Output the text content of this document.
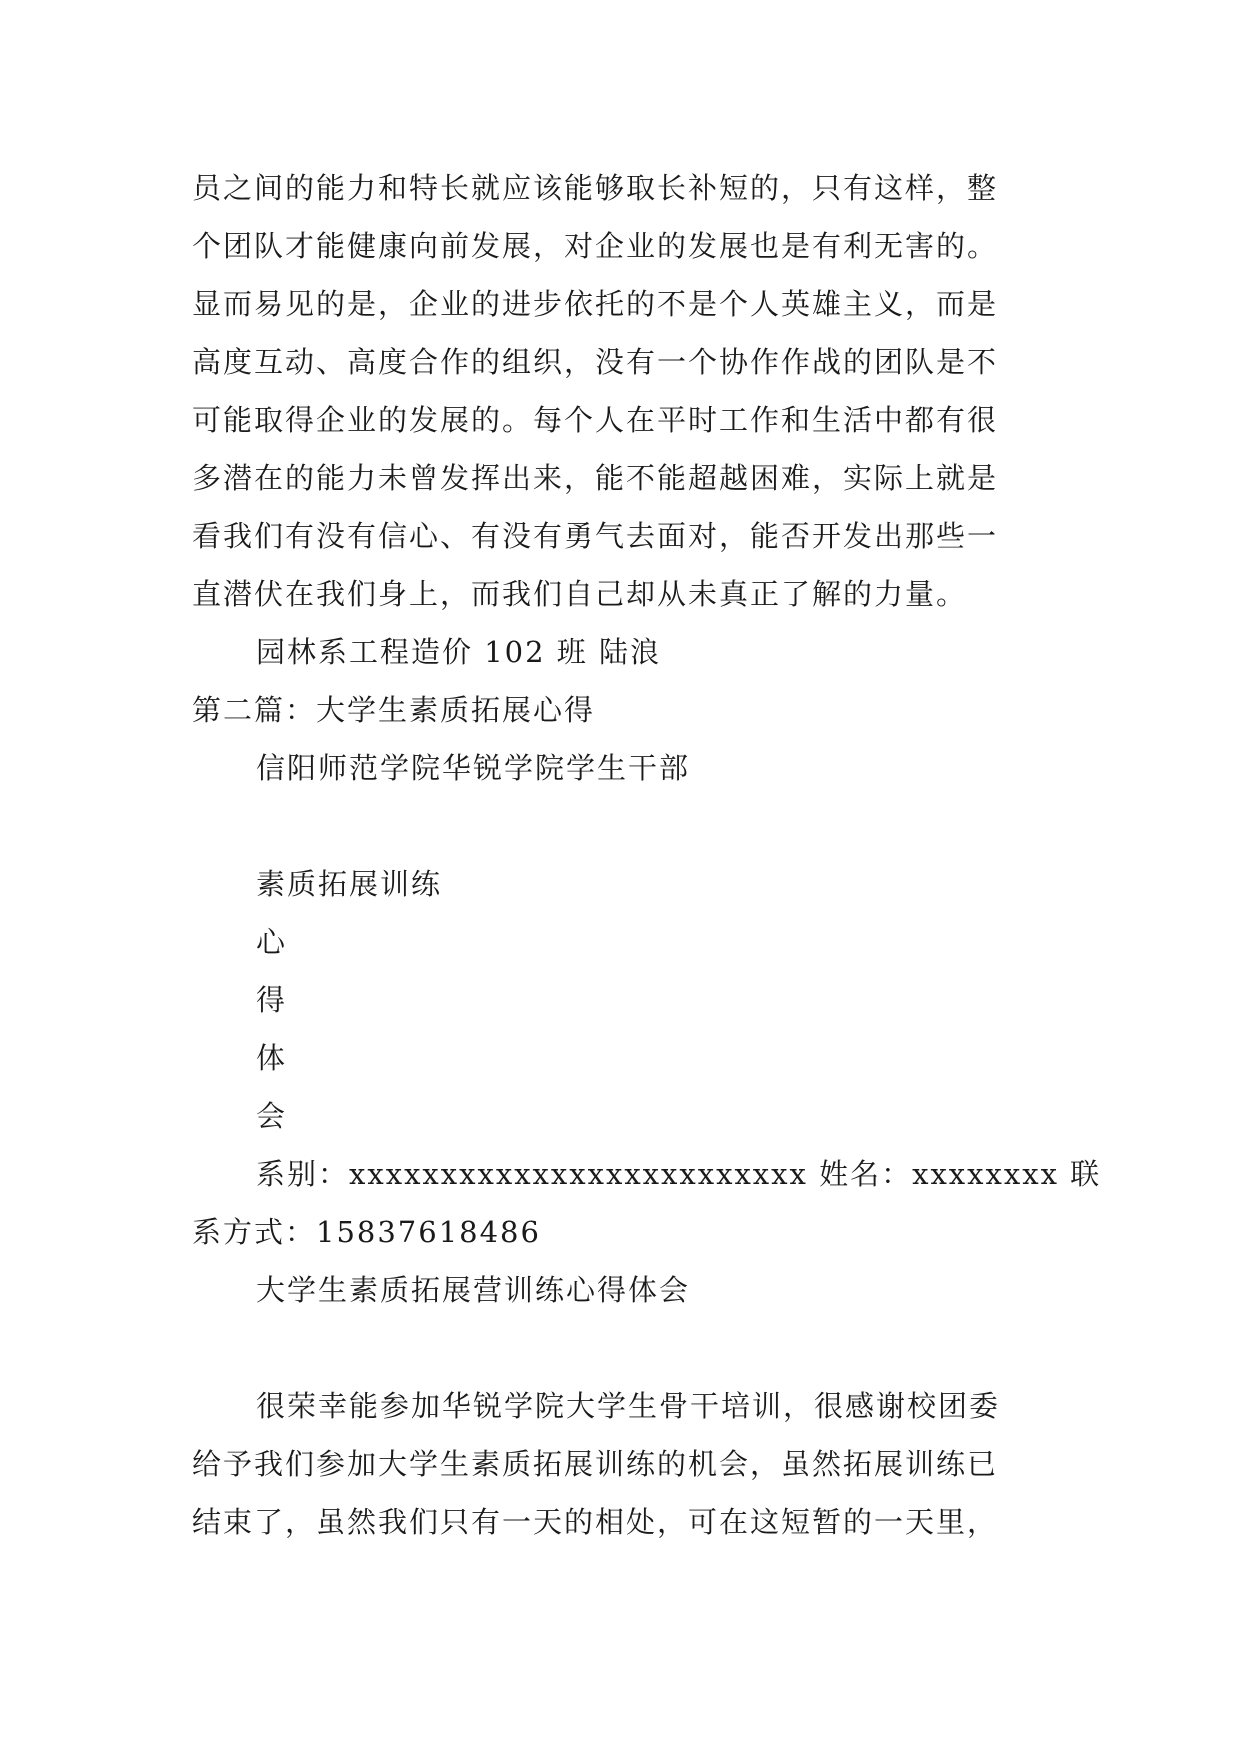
员之间的能力和特长就应该能够取长补短的，只有这样，整
个团队才能健康向前发展，对企业的发展也是有利无害的。
显而易见的是，企业的进步依托的不是个人英雄主义，而是
高度互动、高度合作的组织，没有一个协作作战的团队是不
可能取得企业的发展的。每个人在平时工作和生活中都有很
多潜在的能力未曾发挥出来，能不能超越困难，实际上就是
看我们有没有信心、有没有勇气去面对，能否开发出那些一
直潜伏在我们身上，而我们自己却从未真正了解的力量。
园林系工程造价 102 班 陆浪
第二篇：大学生素质拓展心得
信阳师范学院华锐学院学生干部
素质拓展训练
心
得
体
会
系别：xxxxxxxxxxxxxxxxxxxxxxxxx 姓名：xxxxxxxx 联
系方式：15837618486
大学生素质拓展营训练心得体会
很荣幸能参加华锐学院大学生骨干培训，很感谢校团委
给予我们参加大学生素质拓展训练的机会，虽然拓展训练已
结束了，虽然我们只有一天的相处，可在这短暂的一天里，
